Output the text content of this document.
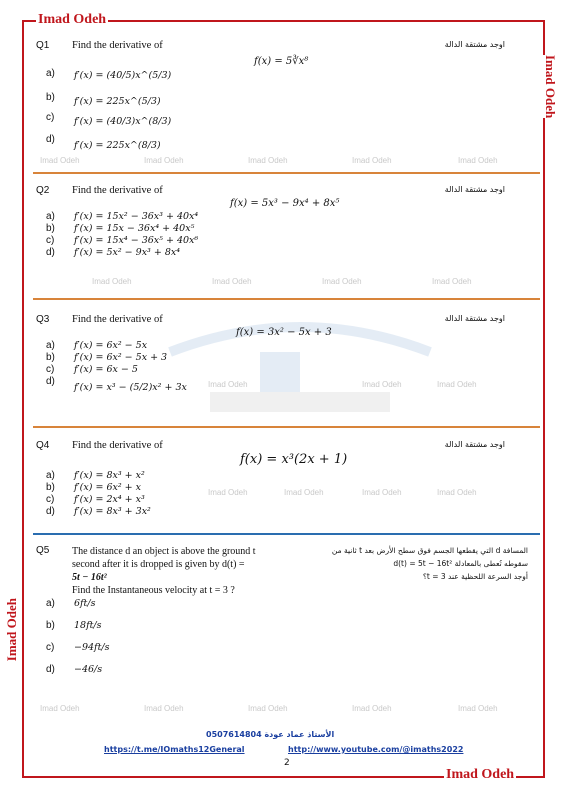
Imad Odeh
Imad Odeh
Imad Odeh
Imad Odeh
Q1 Find the derivative of	اوجد مشتقة الدالة
f(x) = 5∛x⁸
a) f′(x) = (40/5)x^(5/3)
b) f′(x) = 225x^(5/3)
c) f′(x) = (40/3)x^(8/3)
d)
f′(x) = 225x^(8/3)
Imad Odeh	Imad Odeh	Imad Odeh	Imad Odeh	Imad Odeh
Q2 Find the derivative of	اوجد مشتقة الدالة
f(x) = 5x³ − 9x⁴ + 8x⁵
a) f′(x) = 15x² − 36x³ + 40x⁴
b) f′(x) = 15x − 36x⁴ + 40x⁵
c) f′(x) = 15x⁴ − 36x⁵ + 40x⁶
d) f′(x) = 5x² − 9x³ + 8x⁴
Imad Odeh	Imad Odeh	Imad Odeh	Imad Odeh
Q3 Find the derivative of	اوجد مشتقة الدالة
f(x) = 3x² − 5x + 3
a) f′(x) = 6x² − 5x
b) f′(x) = 6x² − 5x + 3
c) f′(x) = 6x − 5
d)
f′(x) = x³ − (5/2)x² + 3x	Imad Odeh	Imad Odeh	Imad Odeh
Q4 Find the derivative of	اوجد مشتقة الدالة
f(x) = x³(2x + 1)
a) f′(x) = 8x³ + x²
b) f′(x) = 6x² + x
c) f′(x) = 2x⁴ + x³
d) f′(x) = 8x³ + 3x²
Imad Odeh	Imad Odeh	Imad Odeh	Imad Odeh
Q5 The distance d an object is above the ground t
second after it is dropped is given by d(t) =
5t − 16t²
Find the Instantaneous velocity at t = 3 ?
المسافة d التي يقطعها الجسم فوق سطح الأرض بعد t ثانية من
سقوطه تُعطى بالمعادلة d(t) = 5t − 16t²
أوجد السرعة اللحظية عند t = 3؟
a) 6ft/s
b) 18ft/s
c) −94ft/s
d) −46/s
Imad Odeh	Imad Odeh	Imad Odeh	Imad Odeh	Imad Odeh
0507614804 الأستاذ عماد عودة
https://t.me/IOmaths12General	http://www.youtube.com/@imaths2022
2
